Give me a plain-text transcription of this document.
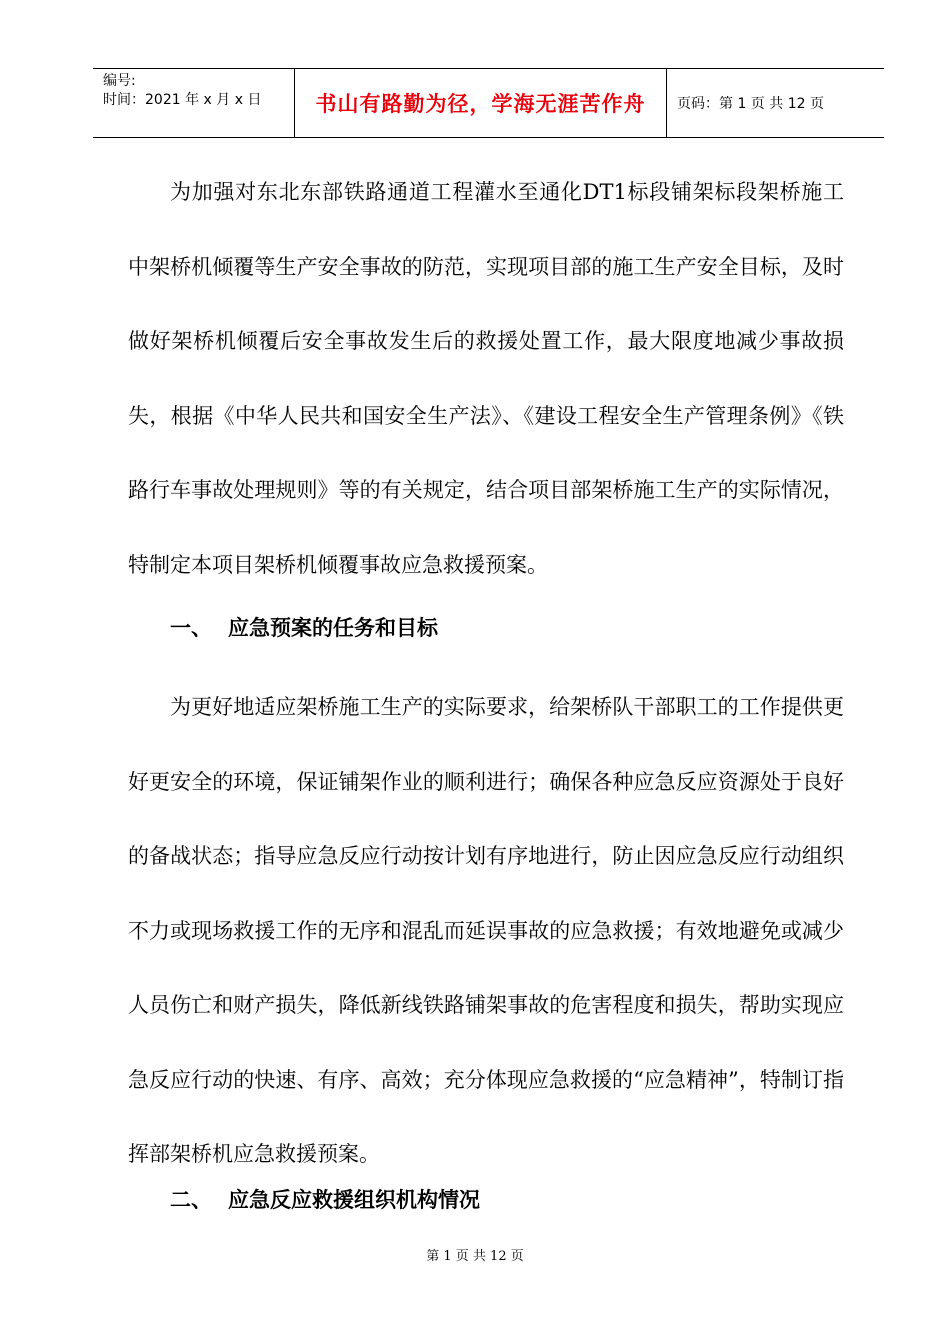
编号:
时间：2021 年 x 月 x 日	书山有路勤为径，学海无涯苦作舟 页码：第 1 页 共 12 页
为加强对东北东部铁路通道工程灌水至通化DT1标段铺架标段架桥施工中架桥机倾覆等生产安全事故的防范，实现项目部的施工生产安全目标，及时做好架桥机倾覆后安全事故发生后的救援处置工作，最大限度地减少事故损失，根据《中华人民共和国安全生产法》、《建设工程安全生产管理条例》《铁路行车事故处理规则》等的有关规定，结合项目部架桥施工生产的实际情况，特制定本项目架桥机倾覆事故应急救援预案。
一、 应急预案的任务和目标
为更好地适应架桥施工生产的实际要求，给架桥队干部职工的工作提供更好更安全的环境，保证铺架作业的顺利进行；确保各种应急反应资源处于良好的备战状态；指导应急反应行动按计划有序地进行，防止因应急反应行动组织不力或现场救援工作的无序和混乱而延误事故的应急救援；有效地避免或减少人员伤亡和财产损失，降低新线铁路铺架事故的危害程度和损失，帮助实现应急反应行动的快速、有序、高效；充分体现应急救援的“应急精神”，特制订指挥部架桥机应急救援预案。
二、 应急反应救援组织机构情况
第 1 页 共 12 页
